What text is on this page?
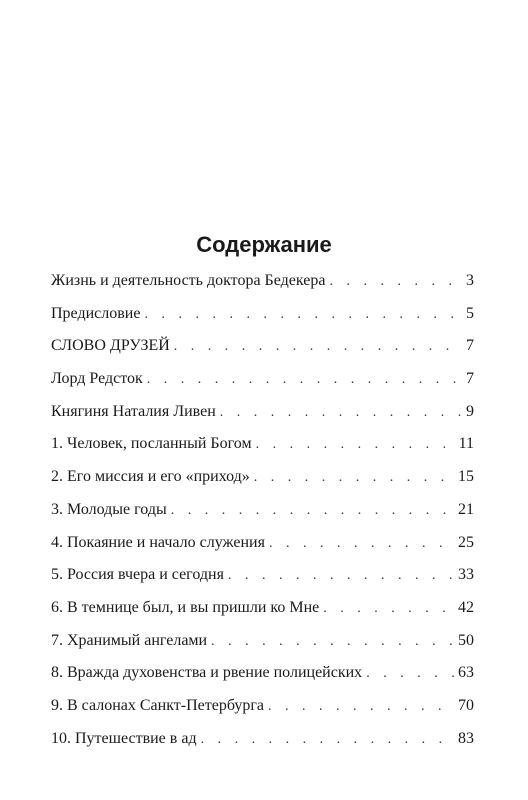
Содержание
Жизнь и деятельность доктора Бедекера . . .	3
Предисловие . . .	5
СЛОВО ДРУЗЕЙ . . .	7
Лорд Редсток . . .	7
Княгиня Наталия Ливен . . .	9
1. Человек, посланный Богом . . .	11
2. Его миссия и его «приход» . . .	15
3. Молодые годы . . .	21
4. Покаяние и начало служения . . .	25
5. Россия вчера и сегодня . . .	33
6. В темнице был, и вы пришли ко Мне . . .	42
7. Хранимый ангелами . . .	50
8. Вражда духовенства и рвение полицейских . . .	63
9. В салонах Санкт-Петербурга . . .	70
10. Путешествие в ад . . .	83
